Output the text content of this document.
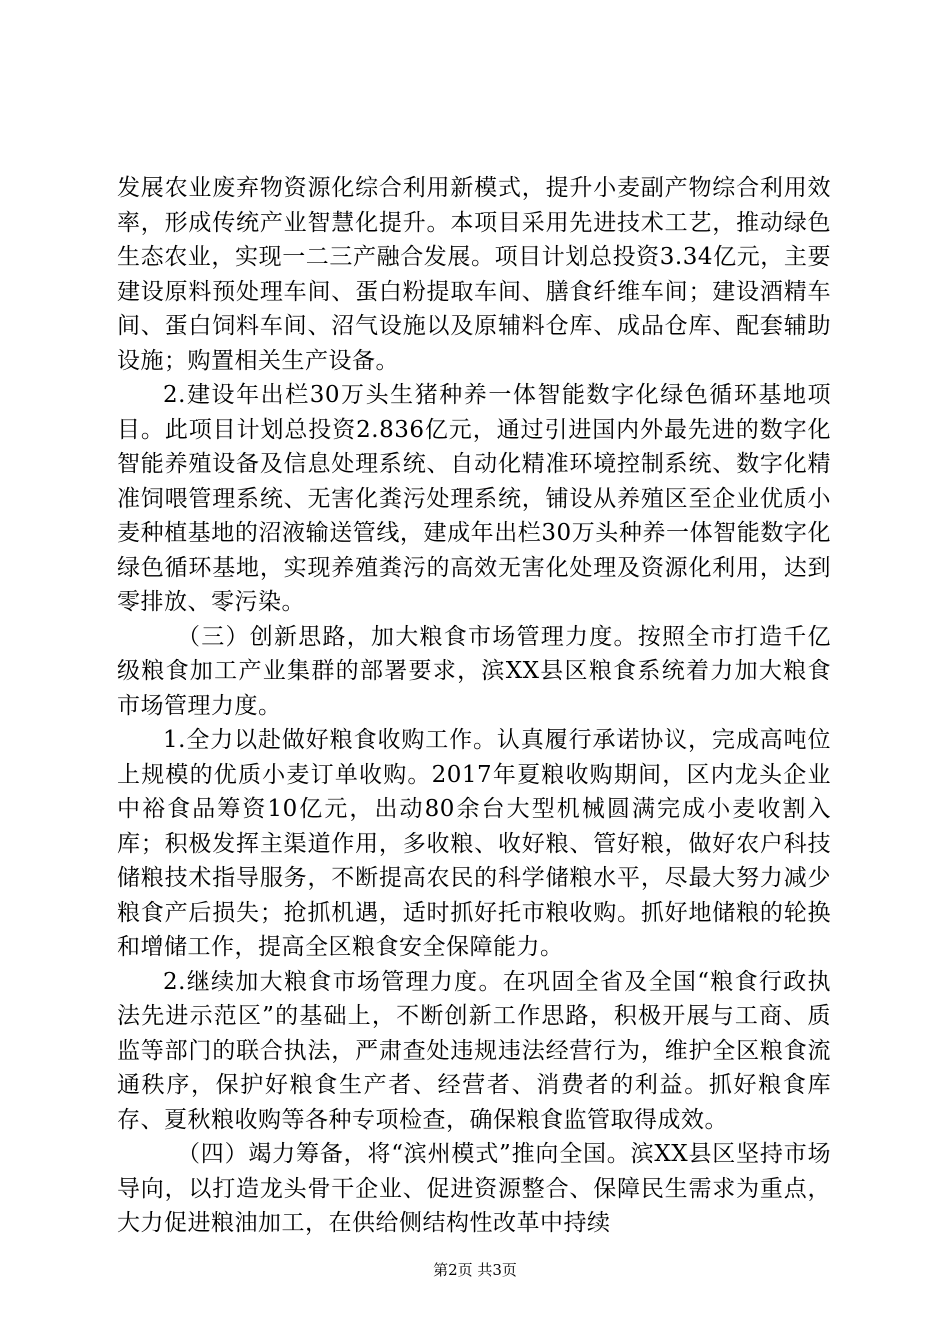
发展农业废弃物资源化综合利用新模式，提升小麦副产物综合利用效率，形成传统产业智慧化提升。本项目采用先进技术工艺，推动绿色生态农业，实现一二三产融合发展。项目计划总投资3.34亿元，主要建设原料预处理车间、蛋白粉提取车间、膳食纤维车间；建设酒精车间、蛋白饲料车间、沼气设施以及原辅料仓库、成品仓库、配套辅助设施；购置相关生产设备。

2.建设年出栏30万头生猪种养一体智能数字化绿色循环基地项目。此项目计划总投资2.836亿元，通过引进国内外最先进的数字化智能养殖设备及信息处理系统、自动化精准环境控制系统、数字化精准饲喂管理系统、无害化粪污处理系统，铺设从养殖区至企业优质小麦种植基地的沼液输送管线，建成年出栏30万头种养一体智能数字化绿色循环基地，实现养殖粪污的高效无害化处理及资源化利用，达到零排放、零污染。

（三）创新思路，加大粮食市场管理力度。按照全市打造千亿级粮食加工产业集群的部署要求，滨XX县区粮食系统着力加大粮食市场管理力度。

1.全力以赴做好粮食收购工作。认真履行承诺协议，完成高吨位上规模的优质小麦订单收购。2017年夏粮收购期间，区内龙头企业中裕食品筹资10亿元，出动80余台大型机械圆满完成小麦收割入库；积极发挥主渠道作用，多收粮、收好粮、管好粮，做好农户科技储粮技术指导服务，不断提高农民的科学储粮水平，尽最大努力减少粮食产后损失；抢抓机遇，适时抓好托市粮收购。抓好地储粮的轮换和增储工作，提高全区粮食安全保障能力。

2.继续加大粮食市场管理力度。在巩固全省及全国“粮食行政执法先进示范区”的基础上，不断创新工作思路，积极开展与工商、质监等部门的联合执法，严肃查处违规违法经营行为，维护全区粮食流通秩序，保护好粮食生产者、经营者、消费者的利益。抓好粮食库存、夏秋粮收购等各种专项检查，确保粮食监管取得成效。

（四）竭力筹备，将“滨州模式”推向全国。滨XX县区坚持市场导向，以打造龙头骨干企业、促进资源整合、保障民生需求为重点，大力促进粮油加工，在供给侧结构性改革中持续

第2页 共3页
